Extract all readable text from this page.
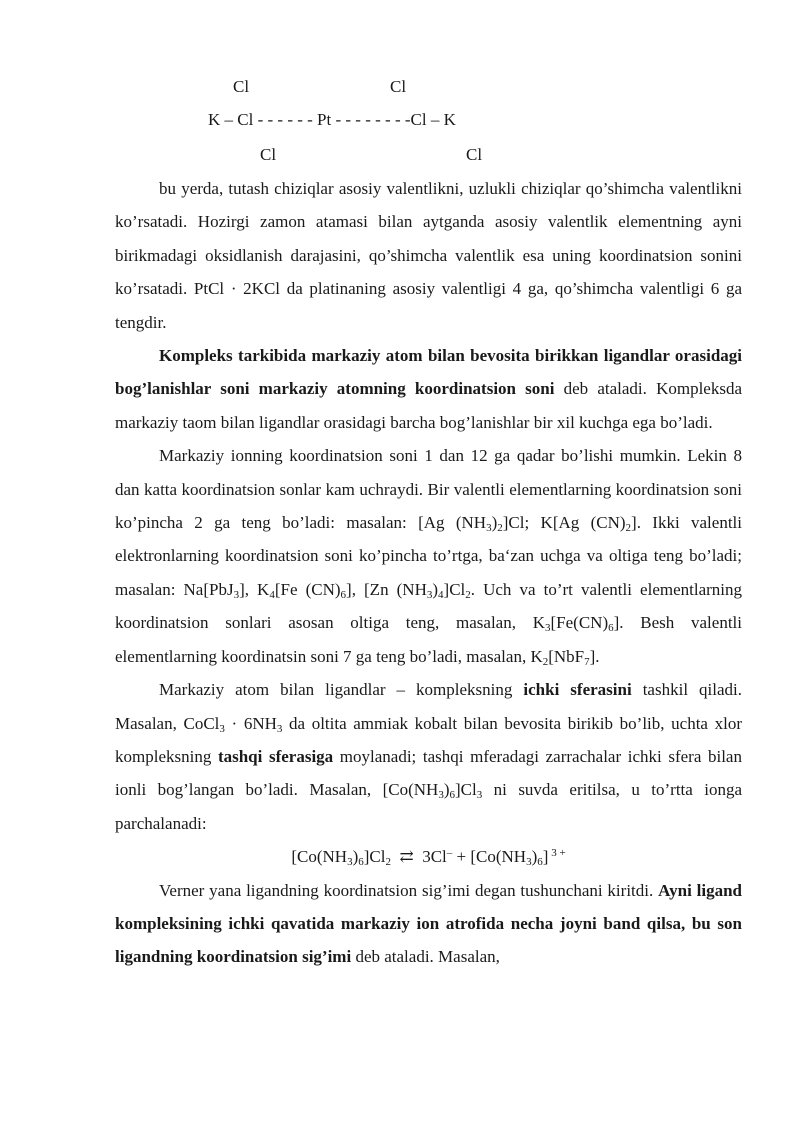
Cl	Cl
K – Cl - - - - - - Pt - - - - - - - -Cl – K
Cl	Cl

bu yerda, tutash chiziqlar asosiy valentlikni, uzlukli chiziqlar qo’shimcha valentlikni ko’rsatadi. Hozirgi zamon atamasi bilan aytganda asosiy valentlik elementning ayni birikmadagi oksidlanish darajasini, qo’shimcha valentlik esa uning koordinatsion sonini ko’rsatadi. PtCl · 2KCl da platinaning asosiy valentligi 4 ga, qo’shimcha valentligi 6 ga tengdir.

Kompleks tarkibida markaziy atom bilan bevosita birikkan ligandlar orasidagi bog’lanishlar soni markaziy atomning koordinatsion soni deb ataladi. Kompleksda markaziy taom bilan ligandlar orasidagi barcha bog’lanishlar bir xil kuchga ega bo’ladi.

Markaziy ionning koordinatsion soni 1 dan 12 ga qadar bo’lishi mumkin. Lekin 8 dan katta koordinatsion sonlar kam uchraydi. Bir valentli elementlarning koordinatsion soni ko’pincha 2 ga teng bo’ladi: masalan: [Ag $(NH_3)_2]Cl$; K[Ag $(CN)_2$]. Ikki valentli elektronlarning koordinatsion soni ko’pincha to’rtga, ba‘zan uchga va oltiga teng bo’ladi; masalan: Na[PbJ$_3$], $K_4[Fe$ $(CN)_6$], [Zn $(NH_3)_4]Cl_2$. Uch va to’rt valentli elementlarning koordinatsion sonlari asosan oltiga teng, masalan, $K_3[Fe(CN)_6]$. Besh valentli elementlarning koordinatsin soni 7 ga teng bo’ladi, masalan, $K_2[NbF_7]$.

Markaziy atom bilan ligandlar – kompleksning ichki sferasini tashkil qiladi. Masalan, CoCl$_3$ · $6NH_3$ da oltita ammiak kobalt bilan bevosita birikib bo’lib, uchta xlor kompleksning tashqi sferasiga moylanadi; tashqi mferadagi zarrachalar ichki sfera bilan ionli bog’langan bo’ladi. Masalan, $[Co(NH_3)_6]Cl_3$ ni suvda eritilsa, u to’rtta ionga parchalanadi:

$[Co(NH_3)_6]Cl_2$  ⇄  $3Cl^- + [Co(NH_3)_6]$ $^{3 +}$

Verner yana ligandning koordinatsion sig’imi degan tushunchani kiritdi. Ayni ligand kompleksining ichki qavatida markaziy ion atrofida necha joyni band qilsa, bu son ligandning koordinatsion sig’imi deb ataladi. Masalan,
